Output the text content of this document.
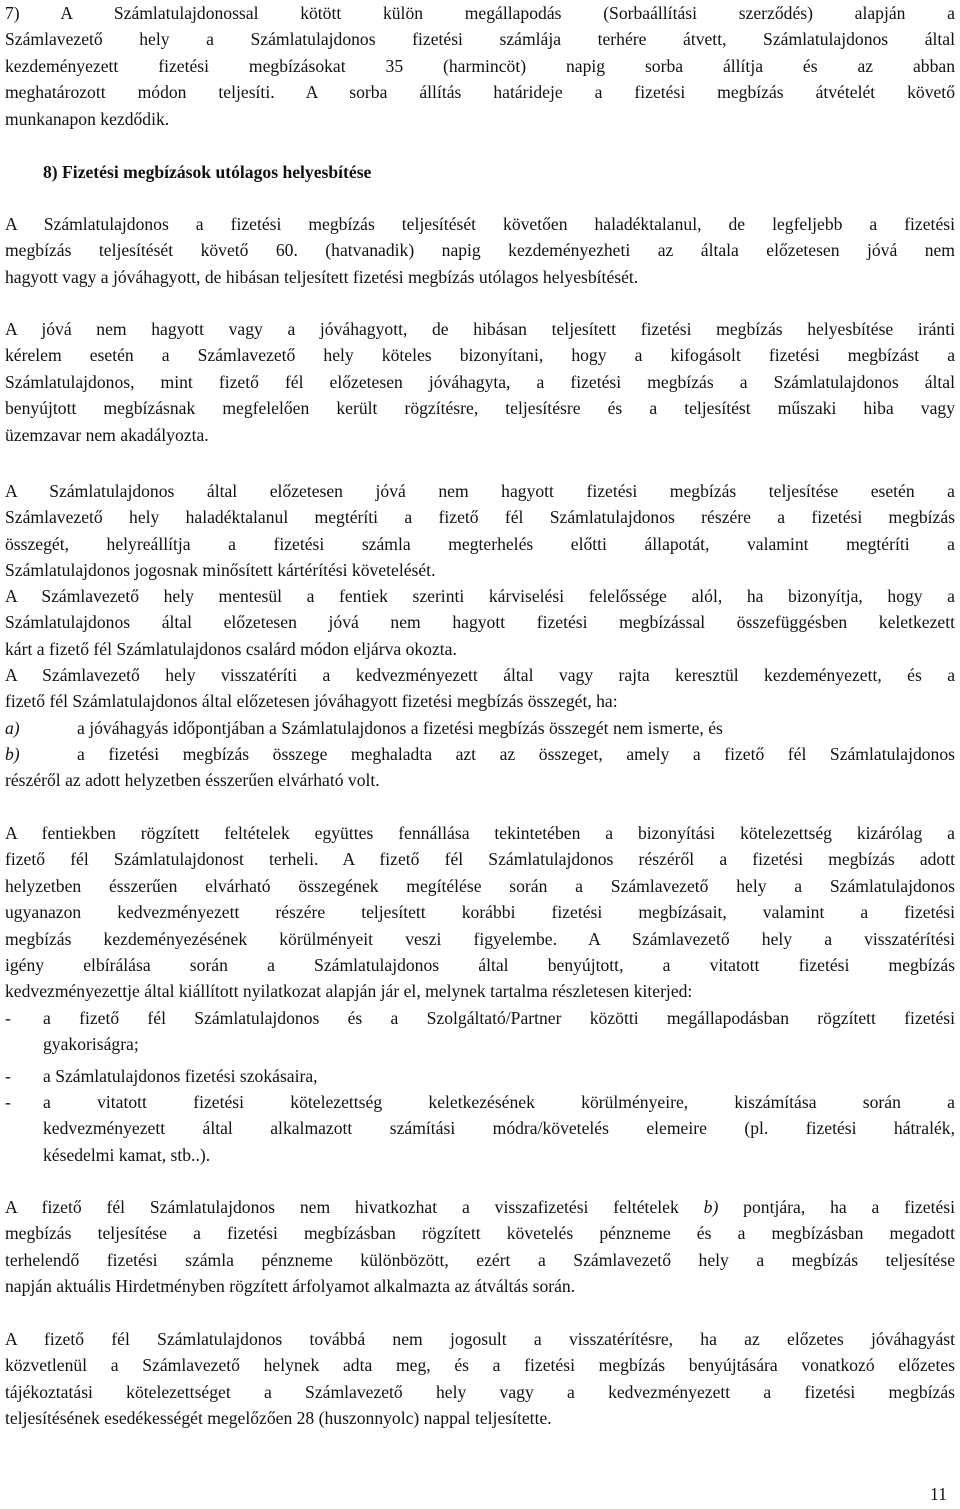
7) A Számlatulajdonossal kötött külön megállapodás (Sorbaállítási szerződés) alapján a
Számlavezető hely a Számlatulajdonos fizetési számlája terhére átvett, Számlatulajdonos által
kezdeményezett fizetési megbízásokat 35 (harmincöt) napig sorba állítja és az abban
meghatározott módon teljesíti. A sorba állítás határideje a fizetési megbízás átvételét követő
munkanapon kezdődik.
8) Fizetési megbízások utólagos helyesbítése
A Számlatulajdonos a fizetési megbízás teljesítését követően haladéktalanul, de legfeljebb a fizetési
megbízás teljesítését követő 60. (hatvanadik) napig kezdeményezheti az általa előzetesen jóvá nem
hagyott vagy a jóváhagyott, de hibásan teljesített fizetési megbízás utólagos helyesbítését.
A jóvá nem hagyott vagy a jóváhagyott, de hibásan teljesített fizetési megbízás helyesbítése iránti
kérelem esetén a Számlavezető hely köteles bizonyítani, hogy a kifogásolt fizetési megbízást a
Számlatulajdonos, mint fizető fél előzetesen jóváhagyta, a fizetési megbízás a Számlatulajdonos által
benyújtott megbízásnak megfelelően került rögzítésre, teljesítésre és a teljesítést műszaki hiba vagy
üzemzavar nem akadályozta.
A Számlatulajdonos által előzetesen jóvá nem hagyott fizetési megbízás teljesítése esetén a
Számlavezető hely haladéktalanul megtéríti a fizető fél Számlatulajdonos részére a fizetési megbízás
összegét, helyreállítja a fizetési számla megterhelés előtti állapotát, valamint megtéríti a
Számlatulajdonos jogosnak minősített kártérítési követelését.
A Számlavezető hely mentesül a fentiek szerinti kárviselési felelőssége alól, ha bizonyítja, hogy a
Számlatulajdonos által előzetesen jóvá nem hagyott fizetési megbízással összefüggésben keletkezett
kárt a fizető fél Számlatulajdonos csalárd módon eljárva okozta.
A Számlavezető hely visszatéríti a kedvezményezett által vagy rajta keresztül kezdeményezett, és a
fizető fél Számlatulajdonos által előzetesen jóváhagyott fizetési megbízás összegét, ha:
a)	a jóváhagyás időpontjában a Számlatulajdonos a fizetési megbízás összegét nem ismerte, és
b)	a fizetési megbízás összege meghaladta azt az összeget, amely a fizető fél Számlatulajdonos
részéről az adott helyzetben ésszerűen elvárható volt.
A fentiekben rögzített feltételek együttes fennállása tekintetében a bizonyítási kötelezettség kizárólag a
fizető fél Számlatulajdonost terheli. A fizető fél Számlatulajdonos részéről a fizetési megbízás adott
helyzetben ésszerűen elvárható összegének megítélése során a Számlavezető hely a Számlatulajdonos
ugyanazon kedvezményezett részére teljesített korábbi fizetési megbízásait, valamint a fizetési
megbízás kezdeményezésének körülményeit veszi figyelembe. A Számlavezető hely a visszatérítési
igény elbírálása során a Számlatulajdonos által benyújtott, a vitatott fizetési megbízás
kedvezményezettje által kiállított nyilatkozat alapján jár el, melynek tartalma részletesen kiterjed:
- a fizető fél Számlatulajdonos és a Szolgáltató/Partner közötti megállapodásban rögzített fizetési
gyakoriságra;
- a Számlatulajdonos fizetési szokásaira,
- a vitatott fizetési kötelezettség keletkezésének körülményeire, kiszámítása során a
kedvezményezett által alkalmazott számítási módra/követelés elemeire (pl. fizetési hátralék,
késedelmi kamat, stb..).
A fizető fél Számlatulajdonos nem hivatkozhat a visszafizetési feltételek b) pontjára, ha a fizetési
megbízás teljesítése a fizetési megbízásban rögzített követelés pénzneme és a megbízásban megadott
terhelendő fizetési számla pénzneme különbözött, ezért a Számlavezető hely a megbízás teljesítése
napján aktuális Hirdetményben rögzített árfolyamot alkalmazta az átváltás során.
A fizető fél Számlatulajdonos továbbá nem jogosult a visszatérítésre, ha az előzetes jóváhagyást
közvetlenül a Számlavezető helynek adta meg, és a fizetési megbízás benyújtására vonatkozó előzetes
tájékoztatási kötelezettséget a Számlavezető hely vagy a kedvezményezett a fizetési megbízás
teljesítésének esedékességét megelőzően 28 (huszonnyolc) nappal teljesítette.
11
